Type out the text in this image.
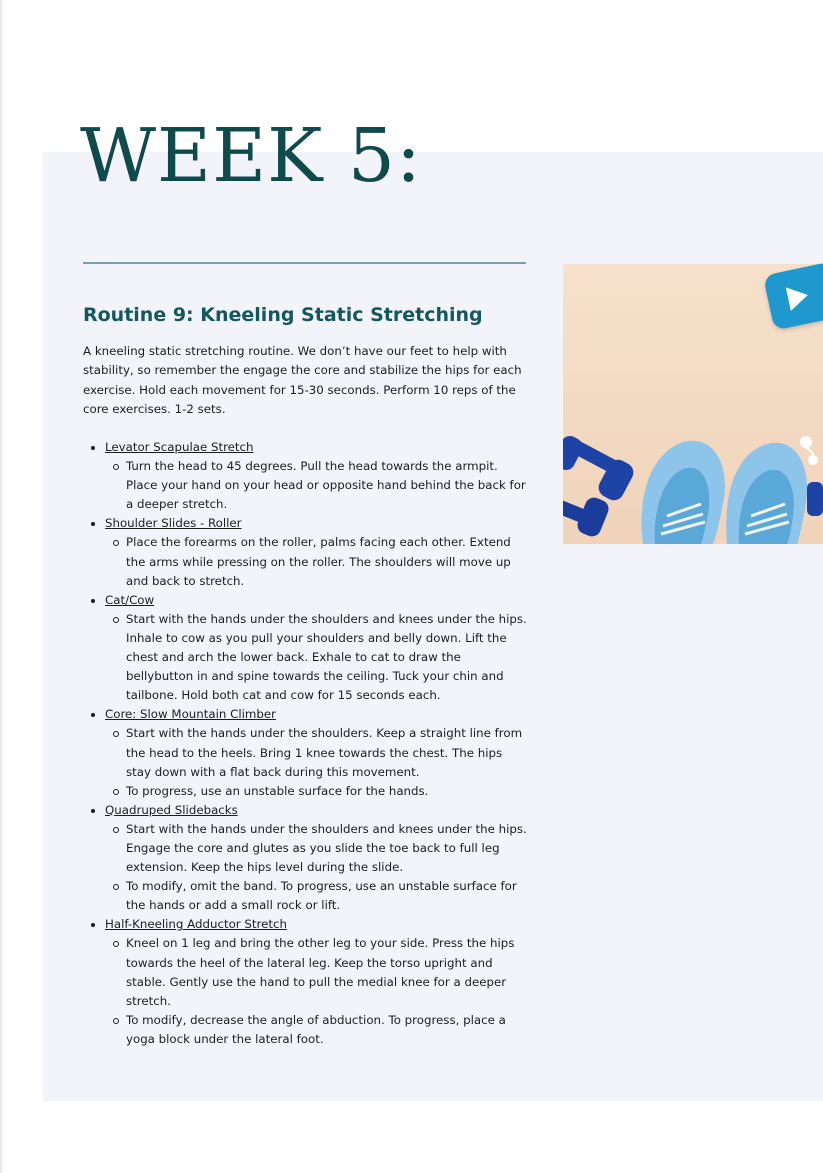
WEEK 5:
Routine 9: Kneeling Static Stretching

A kneeling static stretching routine. We don’t have our feet to help with stability, so remember the engage the core and stabilize the hips for each exercise. Hold each movement for 15-30 seconds. Perform 10 reps of the core exercises. 1-2 sets.

Levator Scapulae Stretch
Turn the head to 45 degrees. Pull the head towards the armpit. Place your hand on your head or opposite hand behind the back for a deeper stretch.
Shoulder Slides - Roller
Place the forearms on the roller, palms facing each other. Extend the arms while pressing on the roller. The shoulders will move up and back to stretch.
Cat/Cow
Start with the hands under the shoulders and knees under the hips. Inhale to cow as you pull your shoulders and belly down. Lift the chest and arch the lower back. Exhale to cat to draw the bellybutton in and spine towards the ceiling. Tuck your chin and tailbone. Hold both cat and cow for 15 seconds each.
Core: Slow Mountain Climber
Start with the hands under the shoulders. Keep a straight line from the head to the heels. Bring 1 knee towards the chest. The hips stay down with a flat back during this movement.
To progress, use an unstable surface for the hands.
Quadruped Slidebacks
Start with the hands under the shoulders and knees under the hips. Engage the core and glutes as you slide the toe back to full leg extension. Keep the hips level during the slide.
To modify, omit the band. To progress, use an unstable surface for the hands or add a small rock or lift.
Half-Kneeling Adductor Stretch
Kneel on 1 leg and bring the other leg to your side. Press the hips towards the heel of the lateral leg. Keep the torso upright and stable. Gently use the hand to pull the medial knee for a deeper stretch.
To modify, decrease the angle of abduction. To progress, place a yoga block under the lateral foot.
